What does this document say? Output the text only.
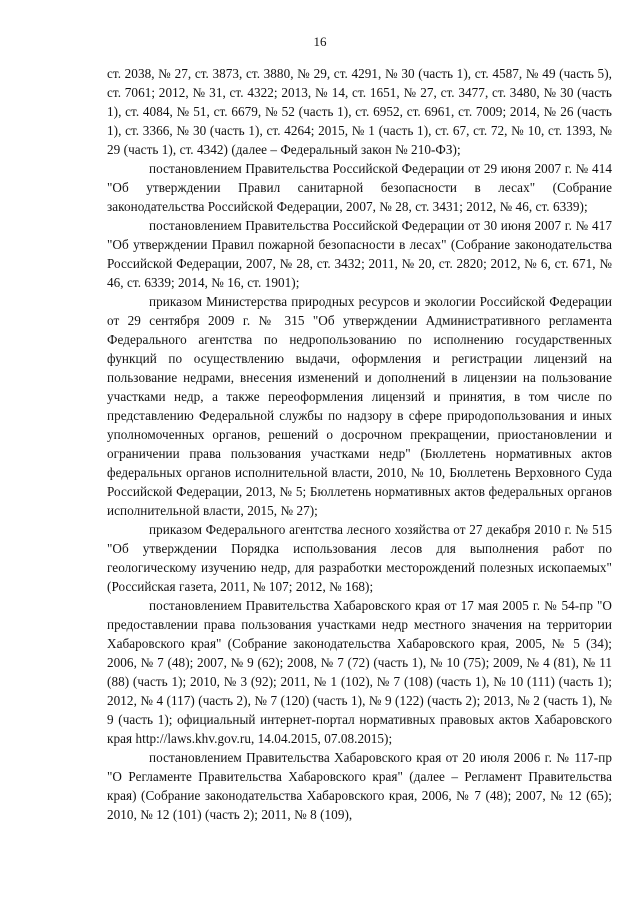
16

ст. 2038, № 27, ст. 3873, ст. 3880, № 29, ст. 4291, № 30 (часть 1), ст. 4587, № 49 (часть 5), ст. 7061; 2012, № 31, ст. 4322; 2013, № 14, ст. 1651, № 27, ст. 3477, ст. 3480, № 30 (часть 1), ст. 4084, № 51, ст. 6679, № 52 (часть 1), ст. 6952, ст. 6961, ст. 7009; 2014, № 26 (часть 1), ст. 3366, № 30 (часть 1), ст. 4264; 2015, № 1 (часть 1), ст. 67, ст. 72, № 10, ст. 1393, № 29 (часть 1), ст. 4342) (далее – Федеральный закон № 210-ФЗ);

постановлением Правительства Российской Федерации от 29 июня 2007 г. № 414 "Об утверждении Правил санитарной безопасности в лесах" (Собрание законодательства Российской Федерации, 2007, № 28, ст. 3431; 2012, № 46, ст. 6339);

постановлением Правительства Российской Федерации от 30 июня 2007 г. № 417 "Об утверждении Правил пожарной безопасности в лесах" (Собрание законодательства Российской Федерации, 2007, № 28, ст. 3432; 2011, № 20, ст. 2820; 2012, № 6, ст. 671, № 46, ст. 6339; 2014, № 16, ст. 1901);

приказом Министерства природных ресурсов и экологии Российской Федерации от 29 сентября 2009 г. № 315 "Об утверждении Административного регламента Федерального агентства по недропользованию по исполнению государственных функций по осуществлению выдачи, оформления и регистрации лицензий на пользование недрами, внесения изменений и дополнений в лицензии на пользование участками недр, а также переоформления лицензий и принятия, в том числе по представлению Федеральной службы по надзору в сфере природопользования и иных уполномоченных органов, решений о досрочном прекращении, приостановлении и ограничении права пользования участками недр" (Бюллетень нормативных актов федеральных органов исполнительной власти, 2010, № 10, Бюллетень Верховного Суда Российской Федерации, 2013, № 5; Бюллетень нормативных актов федеральных органов исполнительной власти, 2015, № 27);

приказом Федерального агентства лесного хозяйства от 27 декабря 2010 г. № 515 "Об утверждении Порядка использования лесов для выполнения работ по геологическому изучению недр, для разработки месторождений полезных ископаемых" (Российская газета, 2011, № 107; 2012, № 168);

постановлением Правительства Хабаровского края от 17 мая 2005 г. № 54-пр "О предоставлении права пользования участками недр местного значения на территории Хабаровского края" (Собрание законодательства Хабаровского края, 2005, № 5 (34); 2006, № 7 (48); 2007, № 9 (62); 2008, № 7 (72) (часть 1), № 10 (75); 2009, № 4 (81), № 11 (88) (часть 1); 2010, № 3 (92); 2011, № 1 (102), № 7 (108) (часть 1), № 10 (111) (часть 1); 2012, № 4 (117) (часть 2), № 7 (120) (часть 1), № 9 (122) (часть 2); 2013, № 2 (часть 1), № 9 (часть 1); официальный интернет-портал нормативных правовых актов Хабаровского края http://laws.khv.gov.ru, 14.04.2015, 07.08.2015);

постановлением Правительства Хабаровского края от 20 июля 2006 г. № 117-пр "О Регламенте Правительства Хабаровского края" (далее – Регламент Правительства края) (Собрание законодательства Хабаровского края, 2006, № 7 (48); 2007, № 12 (65); 2010, № 12 (101) (часть 2); 2011, № 8 (109),
